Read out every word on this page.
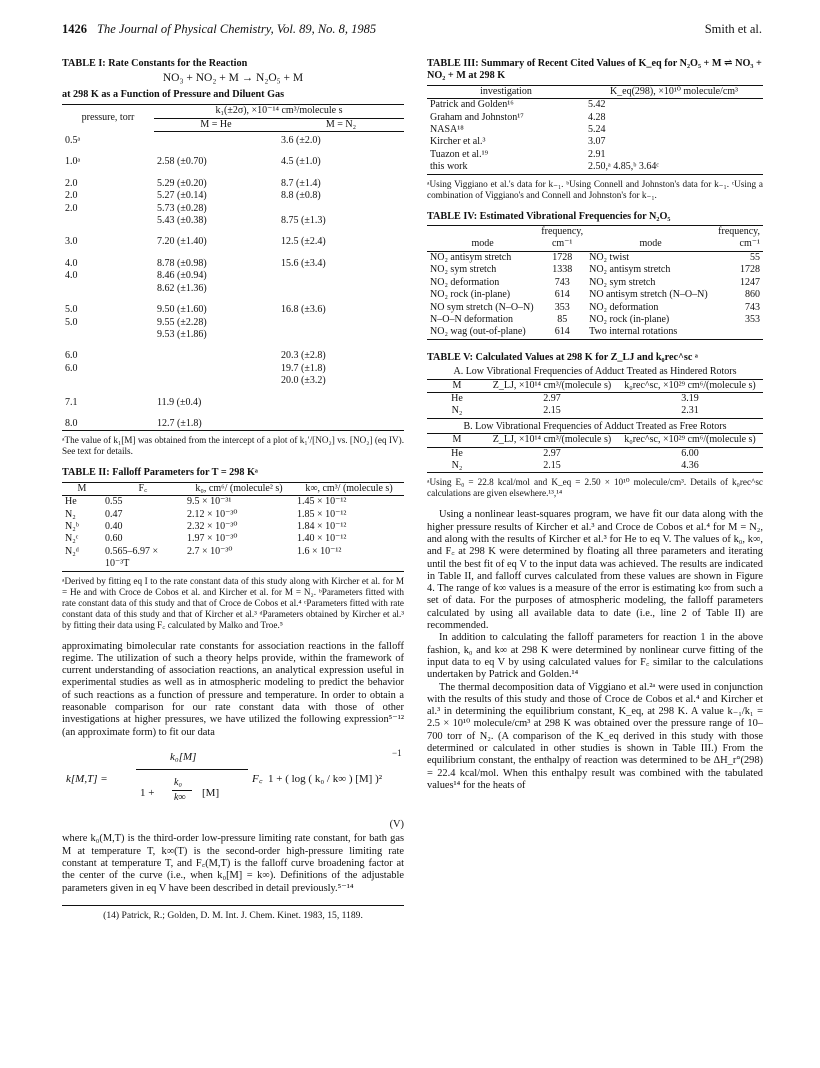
1426 The Journal of Physical Chemistry, Vol. 89, No. 8, 1985	Smith et al.
TABLE I: Rate Constants for the Reaction
NO₃ + NO₂ + M → N₂O₅ + M
at 298 K as a Function of Pressure and Diluent Gas
pressure, torr	k₁(±2σ), ×10⁻¹⁴ cm³/molecule s	
	M = He	M = N₂
0.5ᵃ		3.6 (±2.0)
1.0ᵃ	2.58 (±0.70)	4.5 (±1.0)
2.0	5.29 (±0.20)	8.7 (±1.4)
2.0	5.27 (±0.14)	8.8 (±0.8)
2.0	5.73 (±0.28)	
	5.43 (±0.38)	8.75 (±1.3)
3.0	7.20 (±1.40)	12.5 (±2.4)
4.0	8.78 (±0.98)	15.6 (±3.4)
4.0	8.46 (±0.94)	
	8.62 (±1.36)	
5.0	9.50 (±1.60)	16.8 (±3.6)
5.0	9.55 (±2.28)	
	9.53 (±1.86)	
6.0		20.3 (±2.8)
6.0		19.7 (±1.8)
		20.0 (±3.2)
7.1	11.9 (±0.4)	
8.0	12.7 (±1.8)	

ᵃThe value of k₁[M] was obtained from the intercept of a plot of k₁′/[NO₂] vs. [NO₂] (eq IV). See text for details.

TABLE II: Falloff Parameters for T = 298 Kᵃ
M	F꜀	k₀, cm⁶/ (molecule² s)	k∞, cm³/ (molecule s)
He	0.55	9.5 × 10⁻³¹	1.45 × 10⁻¹²
N₂	0.47	2.12 × 10⁻³⁰	1.85 × 10⁻¹²
N₂ᵇ	0.40	2.32 × 10⁻³⁰	1.84 × 10⁻¹²
N₂ᶜ	0.60	1.97 × 10⁻³⁰	1.40 × 10⁻¹²
N₂ᵈ	0.565–6.97 × 10⁻³T	2.7 × 10⁻³⁰	1.6 × 10⁻¹²

ᵃDerived by fitting eq I to the rate constant data of this study along with Kircher et al. for M = He and with Croce de Cobos et al. and Kircher et al. for M = N₂. ᵇParameters fitted with rate constant data of this study and that of Croce de Cobos et al.⁴ ᶜParameters fitted with rate constant data of this study and that of Kircher et al.³ ᵈParameters obtained by Kircher et al.³ by fitting their data using F꜀ calculated by Malko and Troe.⁵

approximating bimolecular rate constants for association reactions in the falloff regime. The utilization of such a theory helps provide, within the framework of current understanding of association reactions, an analytical expression useful in experimental studies as well as in atmospheric modeling to predict the behavior of such reactions as a function of pressure and temperature. In order to obtain a reasonable comparison for our rate constant data with those of other investigations at higher pressures, we have utilized the following expression⁵⁻¹² (an approximate form) to fit our data

k[M,T] =
k₀[M]
1 +
k₀
k∞ [M]
F꜀ 1 + ( log ( k₀ / k∞ ) [M] )²
−1
(V)

where k₀(M,T) is the third-order low-pressure limiting rate constant, for bath gas M at temperature T, k∞(T) is the second-order high-pressure limiting rate constant at temperature T, and F꜀(M,T) is the falloff curve broadening factor at the center of the curve (i.e., when k₀[M] = k∞). Definitions of the adjustable parameters given in eq V have been described in detail previously.⁵⁻¹⁴

(14) Patrick, R.; Golden, D. M. Int. J. Chem. Kinet. 1983, 15, 1189.
TABLE III: Summary of Recent Cited Values of K_eq for N₂O₅ + M ⇌ NO₃ + NO₂ + M at 298 K
investigation	K_eq(298), ×10¹⁰ molecule/cm³
Patrick and Golden¹⁶	5.42
Graham and Johnston¹⁷	4.28
NASA¹⁸	5.24
Kircher et al.³	3.07
Tuazon et al.¹⁹	2.91
this work	2.50,ᵃ 4.85,ᵇ 3.64ᶜ

ᵃUsing Viggiano et al.'s data for k₋₁. ᵇUsing Connell and Johnston's data for k₋₁. ᶜUsing a combination of Viggiano's and Connell and Johnston's for k₋₁.

TABLE IV: Estimated Vibrational Frequencies for N₂O₅
mode	frequency, cm⁻¹	mode	frequency, cm⁻¹
NO₂ antisym stretch	1728	NO₂ twist	55
NO₂ sym stretch	1338	NO₂ antisym stretch	1728
NO₂ deformation	743	NO₂ sym stretch	1247
NO₂ rock (in-plane)	614	NO antisym stretch (N–O–N)	860
NO sym stretch (N–O–N)	353	NO₂ deformation	743
N–O–N deformation	85	NO₂ rock (in-plane)	353
NO₂ wag (out-of-plane)	614	Two internal rotations	
TABLE V: Calculated Values at 298 K for Z_LJ and k₀rec^sc ᵃ
A. Low Vibrational Frequencies of Adduct Treated as Hindered Rotors
M	Z_LJ, ×10¹⁴ cm³/(molecule s)	k₀rec^sc, ×10²⁹ cm⁶/(molecule s)
He	2.97	3.19
N₂	2.15	2.31
B. Low Vibrational Frequencies of Adduct Treated as Free Rotors
M	Z_LJ, ×10¹⁴ cm³/(molecule s)	k₀rec^sc, ×10²⁹ cm⁶/(molecule s)
He	2.97	6.00
N₂	2.15	4.36

ᵃUsing E₀ = 22.8 kcal/mol and K_eq = 2.50 × 10¹⁰ molecule/cm³. Details of k₀rec^sc calculations are given elsewhere.¹³,¹⁴

Using a nonlinear least-squares program, we have fit our data along with the higher pressure results of Kircher et al.³ and Croce de Cobos et al.⁴ for M = N₂, and along with the results of Kircher et al.³ for He to eq V. The values of k₀, k∞, and F꜀ at 298 K were determined by floating all three parameters and iterating until the best fit of eq V to the input data was achieved. The results are indicated in Table II, and falloff curves calculated from these values are shown in Figure 4. The range of k∞ values is a measure of the error is estimating k∞ from such a set of data. For the purposes of atmospheric modeling, the falloff parameters calculated by using all available data to date (i.e., line 2 of Table II) are recommended.

In addition to calculating the falloff parameters for reaction 1 in the above fashion, k₀ and k∞ at 298 K were determined by nonlinear curve fitting of the input data to eq V by using calculated values for F꜀ similar to the calculations undertaken by Patrick and Golden.¹⁴

The thermal decomposition data of Viggiano et al.²ᵃ were used in conjunction with the results of this study and those of Croce de Cobos et al.⁴ and Kircher et al.³ in determining the equilibrium constant, K_eq, at 298 K. A value k₋₁/k₁ = 2.5 × 10¹⁰ molecule/cm³ at 298 K was obtained over the pressure range of 10–700 torr of N₂. (A comparison of the K_eq derived in this study with those determined or calculated in other studies is shown in Table III.) From the equilibrium constant, the enthalpy of reaction was determined to be ΔH_r°(298) = 22.4 kcal/mol. When this enthalpy result was combined with the tabulated values¹⁴ for the heats of
